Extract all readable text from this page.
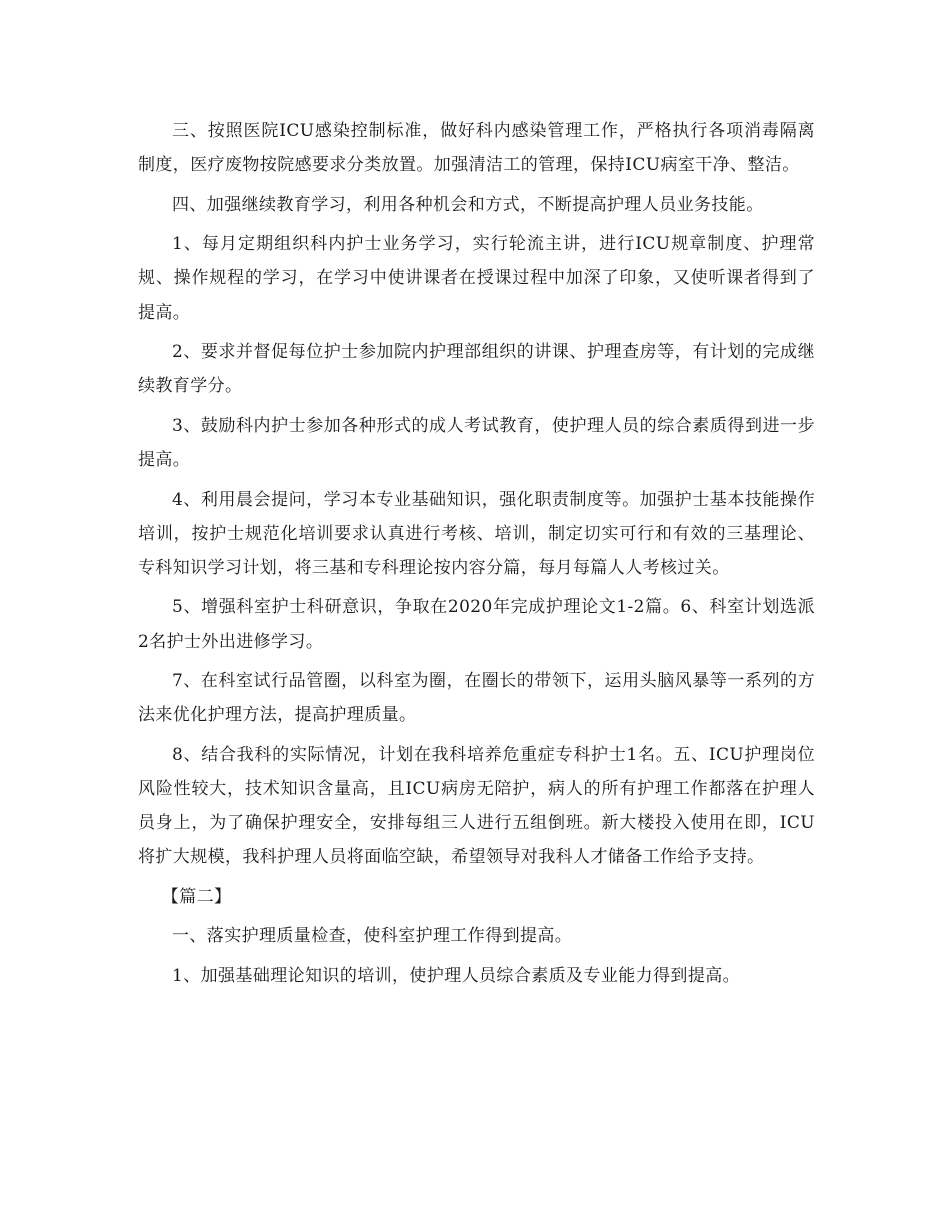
三、按照医院ICU感染控制标准，做好科内感染管理工作，严格执行各项消毒隔离制度，医疗废物按院感要求分类放置。加强清洁工的管理，保持ICU病室干净、整洁。

四、加强继续教育学习，利用各种机会和方式，不断提高护理人员业务技能。

1、每月定期组织科内护士业务学习，实行轮流主讲，进行ICU规章制度、护理常规、操作规程的学习，在学习中使讲课者在授课过程中加深了印象，又使听课者得到了提高。

2、要求并督促每位护士参加院内护理部组织的讲课、护理查房等，有计划的完成继续教育学分。

3、鼓励科内护士参加各种形式的成人考试教育，使护理人员的综合素质得到进一步提高。

4、利用晨会提问，学习本专业基础知识，强化职责制度等。加强护士基本技能操作培训，按护士规范化培训要求认真进行考核、培训，制定切实可行和有效的三基理论、专科知识学习计划，将三基和专科理论按内容分篇，每月每篇人人考核过关。

5、增强科室护士科研意识，争取在2020年完成护理论文1-2篇。6、科室计划选派2名护士外出进修学习。

7、在科室试行品管圈，以科室为圈，在圈长的带领下，运用头脑风暴等一系列的方法来优化护理方法，提高护理质量。

8、结合我科的实际情况，计划在我科培养危重症专科护士1名。五、ICU护理岗位风险性较大，技术知识含量高，且ICU病房无陪护，病人的所有护理工作都落在护理人员身上，为了确保护理安全，安排每组三人进行五组倒班。新大楼投入使用在即，ICU将扩大规模，我科护理人员将面临空缺，希望领导对我科人才储备工作给予支持。

【篇二】

一、落实护理质量检查，使科室护理工作得到提高。

1、加强基础理论知识的培训，使护理人员综合素质及专业能力得到提高。
